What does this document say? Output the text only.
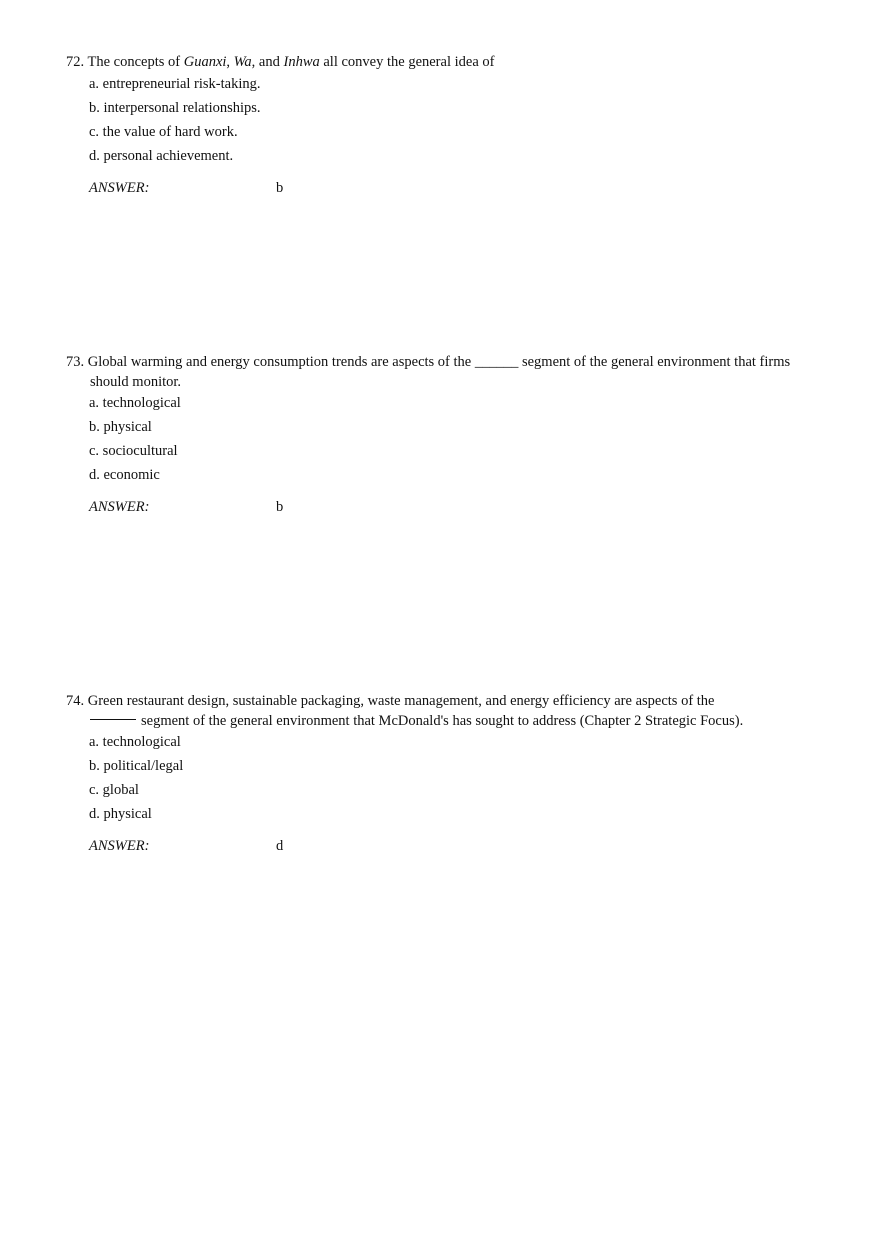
72. The concepts of Guanxi, Wa, and Inhwa all convey the general idea of

a. entrepreneurial risk-taking.
b. interpersonal relationships.
c. the value of hard work.
d. personal achievement.
ANSWER:	b

73. Global warming and energy consumption trends are aspects of the ______ segment of the general environment that firms should monitor.

a. technological
b. physical
c. sociocultural
d. economic
ANSWER:	b

74. Green restaurant design, sustainable packaging, waste management, and energy efficiency are aspects of the
segment of the general environment that McDonald's has sought to address (Chapter 2 Strategic Focus).

a. technological
b. political/legal
c. global
d. physical
ANSWER:	d
